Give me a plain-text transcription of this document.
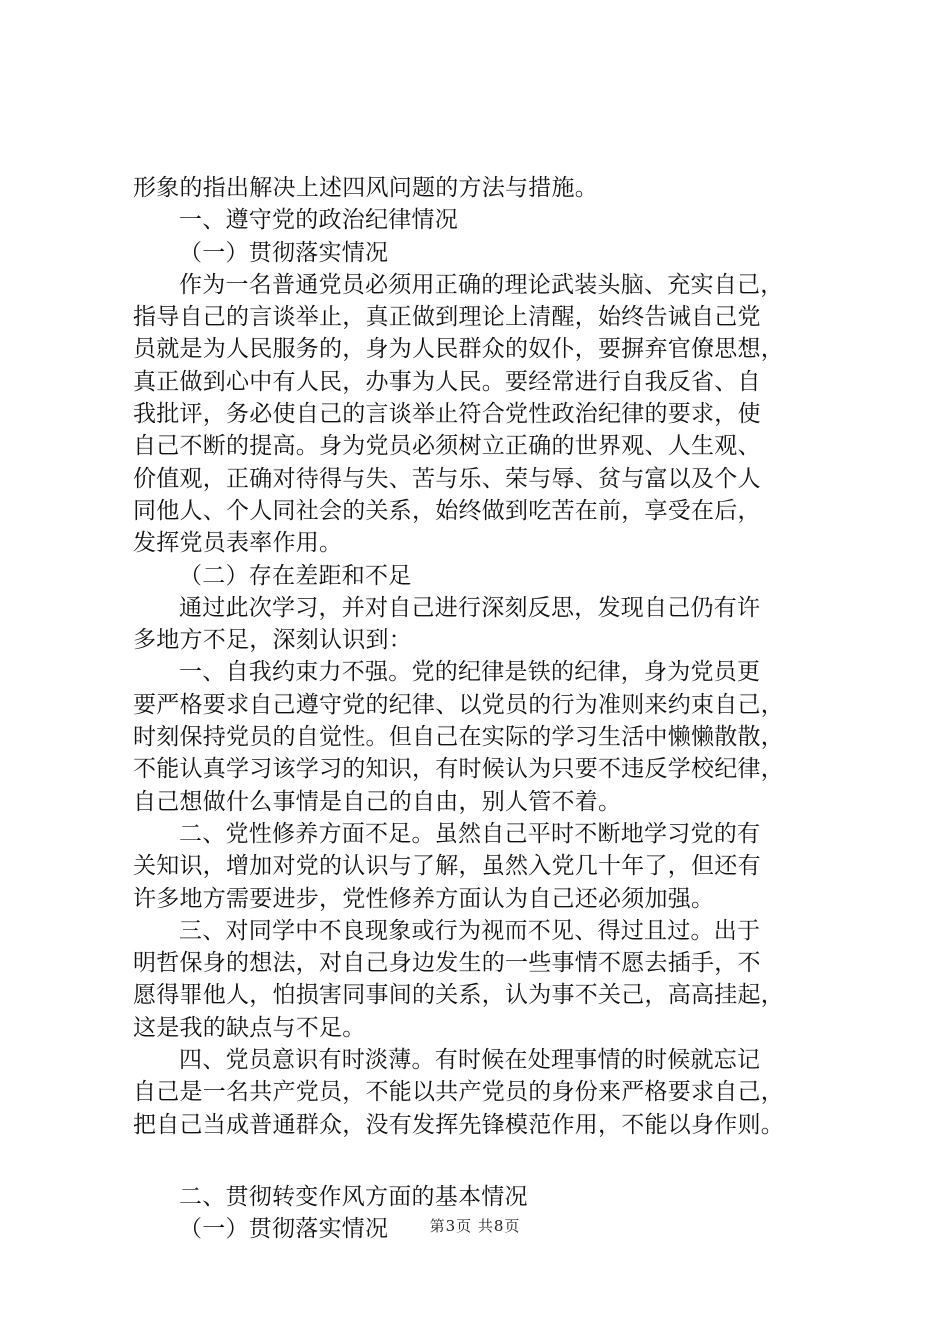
形象的指出解决上述四风问题的方法与措施。
一、遵守党的政治纪律情况
（一）贯彻落实情况
作为一名普通党员必须用正确的理论武装头脑、充实自己，
指导自己的言谈举止，真正做到理论上清醒，始终告诫自己党
员就是为人民服务的，身为人民群众的奴仆，要摒弃官僚思想，
真正做到心中有人民，办事为人民。要经常进行自我反省、自
我批评，务必使自己的言谈举止符合党性政治纪律的要求，使
自己不断的提高。身为党员必须树立正确的世界观、人生观、
价值观，正确对待得与失、苦与乐、荣与辱、贫与富以及个人
同他人、个人同社会的关系，始终做到吃苦在前，享受在后，
发挥党员表率作用。
（二）存在差距和不足
通过此次学习，并对自己进行深刻反思，发现自己仍有许
多地方不足，深刻认识到：
一、自我约束力不强。党的纪律是铁的纪律，身为党员更
要严格要求自己遵守党的纪律、以党员的行为准则来约束自己，
时刻保持党员的自觉性。但自己在实际的学习生活中懒懒散散，
不能认真学习该学习的知识，有时候认为只要不违反学校纪律，
自己想做什么事情是自己的自由，别人管不着。
二、党性修养方面不足。虽然自己平时不断地学习党的有
关知识，增加对党的认识与了解，虽然入党几十年了，但还有
许多地方需要进步，党性修养方面认为自己还必须加强。
三、对同学中不良现象或行为视而不见、得过且过。出于
明哲保身的想法，对自己身边发生的一些事情不愿去插手，不
愿得罪他人，怕损害同事间的关系，认为事不关己，高高挂起，
这是我的缺点与不足。
四、党员意识有时淡薄。有时候在处理事情的时候就忘记
自己是一名共产党员，不能以共产党员的身份来严格要求自己，
把自己当成普通群众，没有发挥先锋模范作用，不能以身作则。
二、贯彻转变作风方面的基本情况
（一）贯彻落实情况	第3页 共8页
